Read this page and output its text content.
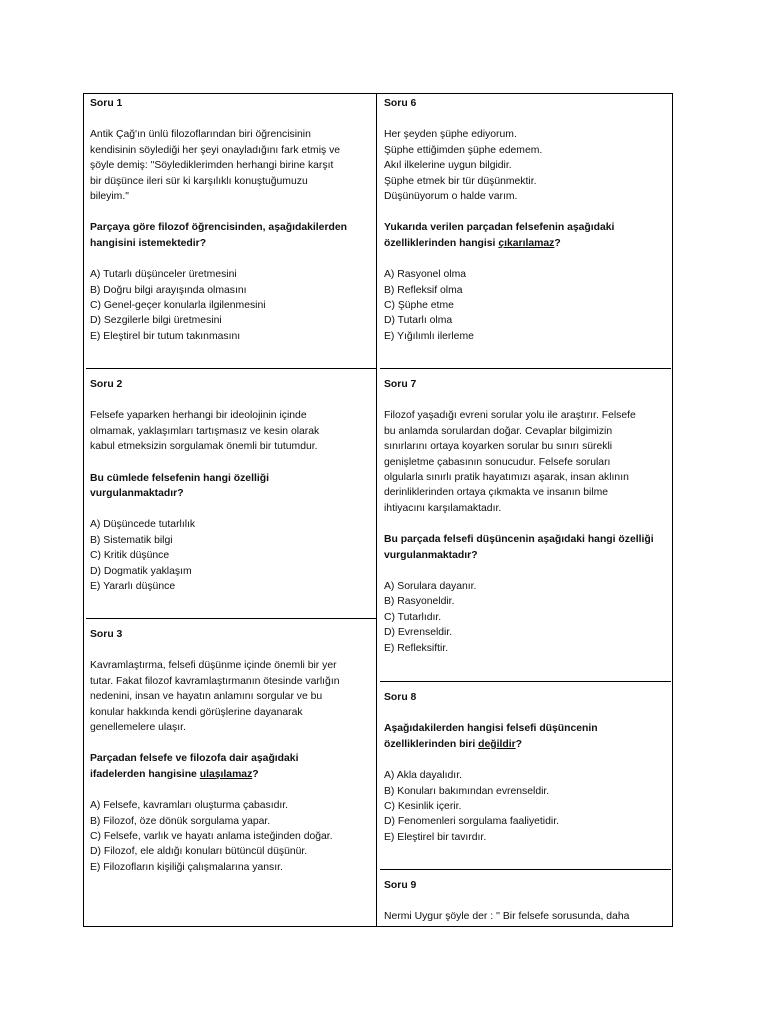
Soru 1
Antik Çağ'ın ünlü filozoflarından biri öğrencisinin
kendisinin söylediği her şeyi onayladığını fark etmiş ve
şöyle demiş: "Söylediklerimden herhangi birine karşıt
bir düşünce ileri sür ki karşılıklı konuştuğumuzu
bileyim."
Parçaya göre filozof öğrencisinden, aşağıdakilerden
hangisini istemektedir?
A) Tutarlı düşünceler üretmesini
B) Doğru bilgi arayışında olmasını
C) Genel-geçer konularla ilgilenmesini
D) Sezgilerle bilgi üretmesini
E) Eleştirel bir tutum takınmasını
Soru 2
Felsefe yaparken herhangi bir ideolojinin içinde
olmamak, yaklaşımları tartışmasız ve kesin olarak
kabul etmeksizin sorgulamak önemli bir tutumdur.
Bu cümlede felsefenin hangi özelliği
vurgulanmaktadır?
A) Düşüncede tutarlılık
B) Sistematik bilgi
C) Kritik düşünce
D) Dogmatik yaklaşım
E) Yararlı düşünce
Soru 3
Kavramlaştırma, felsefi düşünme içinde önemli bir yer
tutar. Fakat filozof kavramlaştırmanın ötesinde varlığın
nedenini, insan ve hayatın anlamını sorgular ve bu
konular hakkında kendi görüşlerine dayanarak
genellemelere ulaşır.
Parçadan felsefe ve filozofa dair aşağıdaki
ifadelerden hangisine ulaşılamaz?
A) Felsefe, kavramları oluşturma çabasıdır.
B) Filozof, öze dönük sorgulama yapar.
C) Felsefe, varlık ve hayatı anlama isteğinden doğar.
D) Filozof, ele aldığı konuları bütüncül düşünür.
E) Filozofların kişiliği çalışmalarına yansır.
Soru 6
Her şeyden şüphe ediyorum.
Şüphe ettiğimden şüphe edemem.
Akıl ilkelerine uygun bilgidir.
Şüphe etmek bir tür düşünmektir.
Düşünüyorum o halde varım.
Yukarıda verilen parçadan felsefenin aşağıdaki
özelliklerinden hangisi çıkarılamaz?
A) Rasyonel olma
B) Refleksif olma
C) Şüphe etme
D) Tutarlı olma
E) Yığılımlı ilerleme
Soru 7
Filozof yaşadığı evreni sorular yolu ile araştırır. Felsefe
bu anlamda sorulardan doğar. Cevaplar bilgimizin
sınırlarını ortaya koyarken sorular bu sınırı sürekli
genişletme çabasının sonucudur. Felsefe soruları
olgularla sınırlı pratik hayatımızı aşarak, insan aklının
derinliklerinden ortaya çıkmakta ve insanın bilme
ihtiyacını karşılamaktadır.
Bu parçada felsefi düşüncenin aşağıdaki hangi özelliği
vurgulanmaktadır?
A) Sorulara dayanır.
B) Rasyoneldir.
C) Tutarlıdır.
D) Evrenseldir.
E) Refleksiftir.
Soru 8
Aşağıdakilerden hangisi felsefi düşüncenin
özelliklerinden biri değildir?
A) Akla dayalıdır.
B) Konuları bakımından evrenseldir.
C) Kesinlik içerir.
D) Fenomenleri sorgulama faaliyetidir.
E) Eleştirel bir tavırdır.
Soru 9
Nermi Uygur şöyle der : '' Bir felsefe sorusunda, daha
